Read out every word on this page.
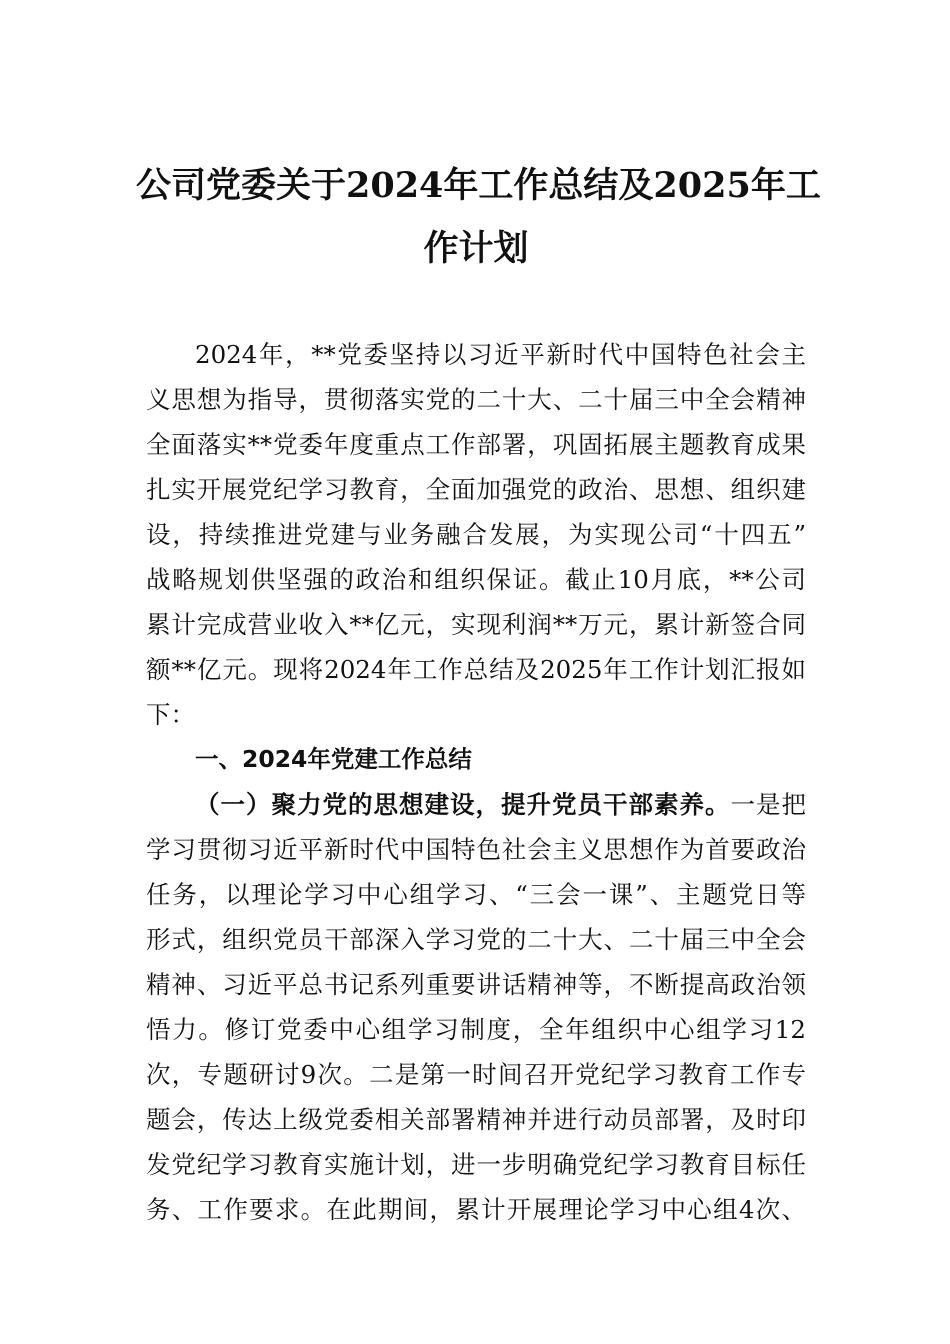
公司党委关于2024年工作总结及2025年工
作计划
2024年，**党委坚持以习近平新时代中国特色社会主
义思想为指导，贯彻落实党的二十大、二十届三中全会精神
全面落实**党委年度重点工作部署，巩固拓展主题教育成果
扎实开展党纪学习教育，全面加强党的政治、思想、组织建
设，持续推进党建与业务融合发展，为实现公司“十四五”
战略规划供坚强的政治和组织保证。截止10月底，**公司
累计完成营业收入**亿元，实现利润**万元，累计新签合同
额**亿元。现将2024年工作总结及2025年工作计划汇报如
下：
一、2024年党建工作总结
（一）聚力党的思想建设，提升党员干部素养。一是把
学习贯彻习近平新时代中国特色社会主义思想作为首要政治
任务，以理论学习中心组学习、“三会一课”、主题党日等
形式，组织党员干部深入学习党的二十大、二十届三中全会
精神、习近平总书记系列重要讲话精神等，不断提高政治领
悟力。修订党委中心组学习制度，全年组织中心组学习12
次，专题研讨9次。二是第一时间召开党纪学习教育工作专
题会，传达上级党委相关部署精神并进行动员部署，及时印
发党纪学习教育实施计划，进一步明确党纪学习教育目标任
务、工作要求。在此期间，累计开展理论学习中心组4次、
